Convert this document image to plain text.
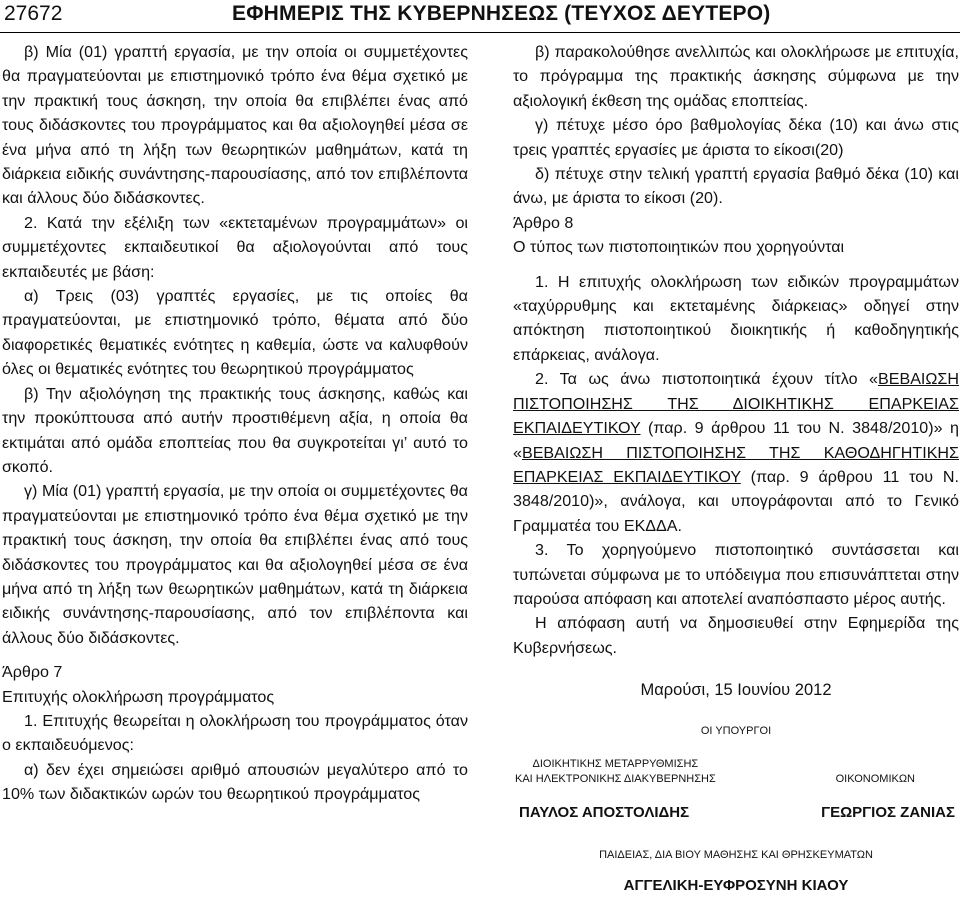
27672	ΕΦΗΜΕΡΙΣ ΤΗΣ ΚΥΒΕΡΝΗΣΕΩΣ (ΤΕΥΧΟΣ ΔΕΥΤΕΡΟ)

β) Μία (01) γραπτή εργασία, με την οποία οι συμμετέχοντες θα πραγματεύονται με επιστημονικό τρόπο ένα θέμα σχετικό με την πρακτική τους άσκηση, την οποία θα επιβλέπει ένας από τους διδάσκοντες του προγράμματος και θα αξιολογηθεί μέσα σε ένα μήνα από τη λήξη των θεωρητικών μαθημάτων, κατά τη διάρκεια ειδικής συνάντησης-παρουσίασης, από τον επιβλέποντα και άλλους δύο διδάσκοντες.

2. Κατά την εξέλιξη των «εκτεταμένων προγραμμάτων» οι συμμετέχοντες εκπαιδευτικοί θα αξιολογούνται από τους εκπαιδευτές με βάση:

α) Τρεις (03) γραπτές εργασίες, με τις οποίες θα πραγματεύονται, με επιστημονικό τρόπο, θέματα από δύο διαφορετικές θεματικές ενότητες η καθεμία, ώστε να καλυφθούν όλες οι θεματικές ενότητες του θεωρητικού προγράμματος

β) Την αξιολόγηση της πρακτικής τους άσκησης, καθώς και την προκύπτουσα από αυτήν προστιθέμενη αξία, η οποία θα εκτιμάται από ομάδα εποπτείας που θα συγκροτείται γι’ αυτό το σκοπό.

γ) Μία (01) γραπτή εργασία, με την οποία οι συμμετέχοντες θα πραγματεύονται με επιστημονικό τρόπο ένα θέμα σχετικό με την πρακτική τους άσκηση, την οποία θα επιβλέπει ένας από τους διδάσκοντες του προγράμματος και θα αξιολογηθεί μέσα σε ένα μήνα από τη λήξη των θεωρητικών μαθημάτων, κατά τη διάρκεια ειδικής συνάντησης-παρουσίασης, από τον επιβλέποντα και άλλους δύο διδάσκοντες.

Άρθρο 7

Επιτυχής ολοκλήρωση προγράμματος

1. Επιτυχής θεωρείται η ολοκλήρωση του προγράμματος όταν ο εκπαιδευόμενος:

α) δεν έχει σημειώσει αριθμό απουσιών μεγαλύτερο από το 10% των διδακτικών ωρών του θεωρητικού προγράμματος

β) παρακολούθησε ανελλιπώς και ολοκλήρωσε με επιτυχία, το πρόγραμμα της πρακτικής άσκησης σύμφωνα με την αξιολογική έκθεση της ομάδας εποπτείας.

γ) πέτυχε μέσο όρο βαθμολογίας δέκα (10) και άνω στις τρεις γραπτές εργασίες με άριστα το είκοσι(20)

δ) πέτυχε στην τελική γραπτή εργασία βαθμό δέκα (10) και άνω, με άριστα το είκοσι (20).

Άρθρο 8

Ο τύπος των πιστοποιητικών που χορηγούνται

1. Η επιτυχής ολοκλήρωση των ειδικών προγραμμάτων «ταχύρρυθμης και εκτεταμένης διάρκειας» οδηγεί στην απόκτηση πιστοποιητικού διοικητικής ή καθοδηγητικής επάρκειας, ανάλογα.

2. Τα ως άνω πιστοποιητικά έχουν τίτλο «ΒΕΒΑΙΩΣΗ ΠΙΣΤΟΠΟΙΗΣΗΣ ΤΗΣ ΔΙΟΙΚΗΤΙΚΗΣ ΕΠΑΡΚΕΙΑΣ ΕΚΠΑΙΔΕΥΤΙΚΟΥ (παρ. 9 άρθρου 11 του Ν. 3848/2010)» η «ΒΕΒΑΙΩΣΗ ΠΙΣΤΟΠΟΙΗΣΗΣ ΤΗΣ ΚΑΘΟΔΗΓΗΤΙΚΗΣ ΕΠΑΡΚΕΙΑΣ ΕΚΠΑΙΔΕΥΤΙΚΟΥ (παρ. 9 άρθρου 11 του Ν. 3848/2010)», ανάλογα, και υπογράφονται από το Γενικό Γραμματέα του ΕΚΔΔΑ.

3. Το χορηγούμενο πιστοποιητικό συντάσσεται και τυπώνεται σύμφωνα με το υπόδειγμα που επισυνάπτεται στην παρούσα απόφαση και αποτελεί αναπόσπαστο μέρος αυτής.

Η απόφαση αυτή να δημοσιευθεί στην Εφημερίδα της Κυβερνήσεως.

Μαρούσι, 15 Ιουνίου 2012
ΟΙ ΥΠΟΥΡΓΟΙ
ΔΙΟΙΚΗΤΙΚΗΣ ΜΕΤΑΡΡΥΘΜΙΣΗΣ
ΚΑΙ ΗΛΕΚΤΡΟΝΙΚΗΣ ΔΙΑΚΥΒΕΡΝΗΣΗΣ	ΟΙΚΟΝΟΜΙΚΩΝ
ΠΑΥΛΟΣ ΑΠΟΣΤΟΛΙΔΗΣ	ΓΕΩΡΓΙΟΣ ΖΑΝΙΑΣ
ΠΑΙΔΕΙΑΣ, ΔΙΑ ΒΙΟΥ ΜΑΘΗΣΗΣ ΚΑΙ ΘΡΗΣΚΕΥΜΑΤΩΝ
ΑΓΓΕΛΙΚΗ-ΕΥΦΡΟΣΥΝΗ ΚΙΑΟΥ
